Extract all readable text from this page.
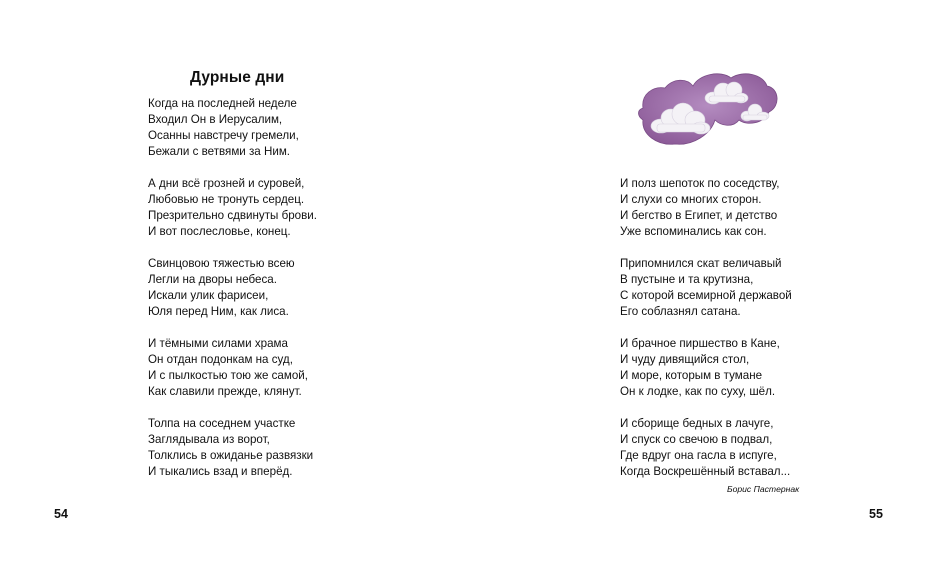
Дурные дни
Когда на последней неделе
Входил Он в Иерусалим,
Осанны навстречу гремели,
Бежали с ветвями за Ним.
А дни всё грозней и суровей,
Любовью не тронуть сердец.
Презрительно сдвинуты брови.
И вот послесловье, конец.
Свинцовою тяжестью всею
Легли на дворы небеса.
Искали улик фарисеи,
Юля перед Ним, как лиса.
И тёмными силами храма
Он отдан подонкам на суд,
И с пылкостью тою же самой,
Как славили прежде, клянут.
Толпа на соседнем участке
Заглядывала из ворот,
Толклись в ожиданье развязки
И тыкались взад и вперёд.
54
И полз шепоток по соседству,
И слухи со многих сторон.
И бегство в Египет, и детство
Уже вспоминались как сон.
Припомнился скат величавый
В пустыне и та крутизна,
С которой всемирной державой
Его соблазнял сатана.
И брачное пиршество в Кане,
И чуду дивящийся стол,
И море, которым в тумане
Он к лодке, как по суху, шёл.
И сборище бедных в лачуге,
И спуск со свечою в подвал,
Где вдруг она гасла в испуге,
Когда Воскрешённый вставал...
Борис Пастернак
55
